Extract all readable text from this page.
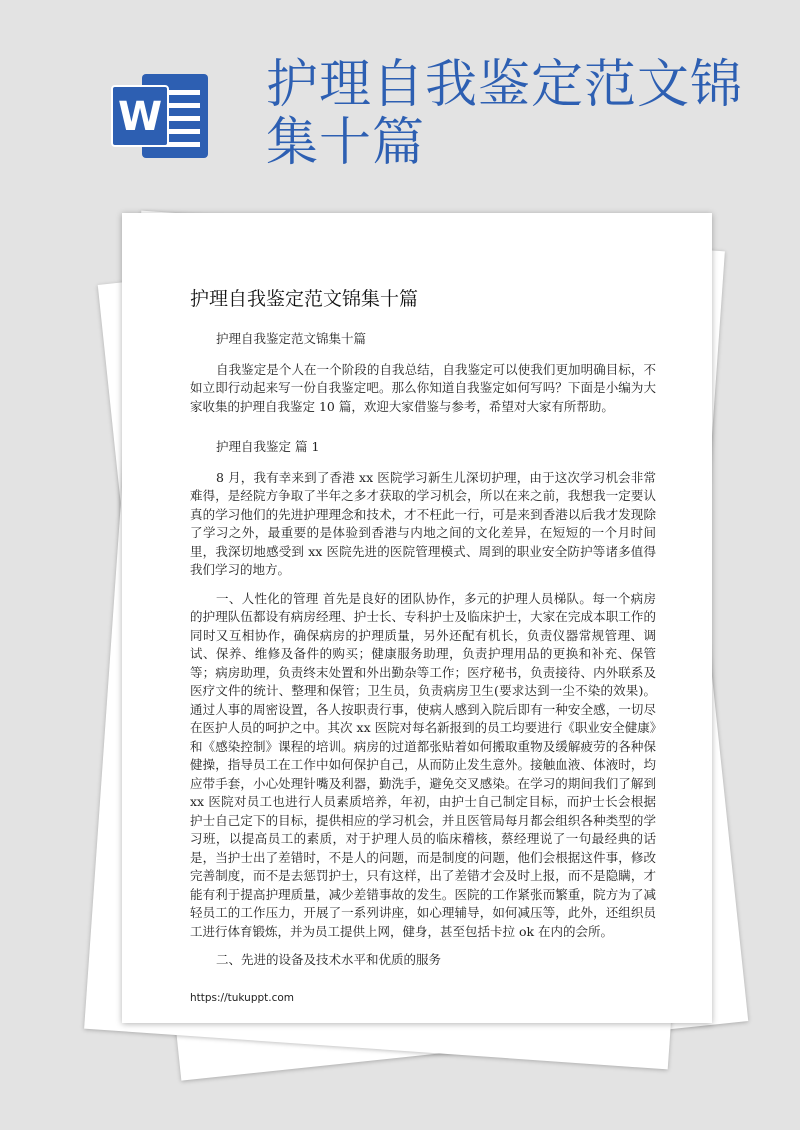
W
护理自我鉴定范文锦集十篇
护理自我鉴定范文锦集十篇

护理自我鉴定范文锦集十篇

自我鉴定是个人在一个阶段的自我总结，自我鉴定可以使我们更加明确目标，不如立即行动起来写一份自我鉴定吧。那么你知道自我鉴定如何写吗？下面是小编为大家收集的护理自我鉴定 10 篇，欢迎大家借鉴与参考，希望对大家有所帮助。

护理自我鉴定 篇 1

8 月，我有幸来到了香港 xx 医院学习新生儿深切护理，由于这次学习机会非常难得，是经院方争取了半年之多才获取的学习机会，所以在来之前，我想我一定要认真的学习他们的先进护理理念和技术，才不枉此一行，可是来到香港以后我才发现除了学习之外，最重要的是体验到香港与内地之间的文化差异，在短短的一个月时间里，我深切地感受到 xx 医院先进的医院管理模式、周到的职业安全防护等诸多值得我们学习的地方。

一、人性化的管理 首先是良好的团队协作，多元的护理人员梯队。每一个病房的护理队伍都设有病房经理、护士长、专科护士及临床护士，大家在完成本职工作的同时又互相协作，确保病房的护理质量，另外还配有机长，负责仪器常规管理、调试、保养、维修及备件的购买；健康服务助理，负责护理用品的更换和补充、保管等；病房助理，负责终末处置和外出勤杂等工作；医疗秘书，负责接待、内外联系及医疗文件的统计、整理和保管；卫生员，负责病房卫生(要求达到一尘不染的效果)。通过人事的周密设置，各人按职责行事，使病人感到入院后即有一种安全感，一切尽在医护人员的呵护之中。其次 xx 医院对每名新报到的员工均要进行《职业安全健康》和《感染控制》课程的培训。病房的过道都张贴着如何搬取重物及缓解疲劳的各种保健操，指导员工在工作中如何保护自己，从而防止发生意外。接触血液、体液时，均应带手套，小心处理针嘴及利器，勤洗手，避免交叉感染。在学习的期间我们了解到 xx 医院对员工也进行人员素质培养，年初，由护士自己制定目标，而护士长会根据护士自己定下的目标，提供相应的学习机会，并且医管局每月都会组织各种类型的学习班，以提高员工的素质，对于护理人员的临床稽核，蔡经理说了一句最经典的话是，当护士出了差错时，不是人的问题，而是制度的问题，他们会根据这件事，修改完善制度，而不是去惩罚护士，只有这样，出了差错才会及时上报，而不是隐瞒，才能有利于提高护理质量，减少差错事故的发生。医院的工作紧张而繁重，院方为了减轻员工的工作压力，开展了一系列讲座，如心理辅导，如何减压等，此外，还组织员工进行体育锻炼，并为员工提供上网，健身，甚至包括卡拉 ok 在内的会所。

二、先进的设备及技术水平和优质的服务

https://tukuppt.com
